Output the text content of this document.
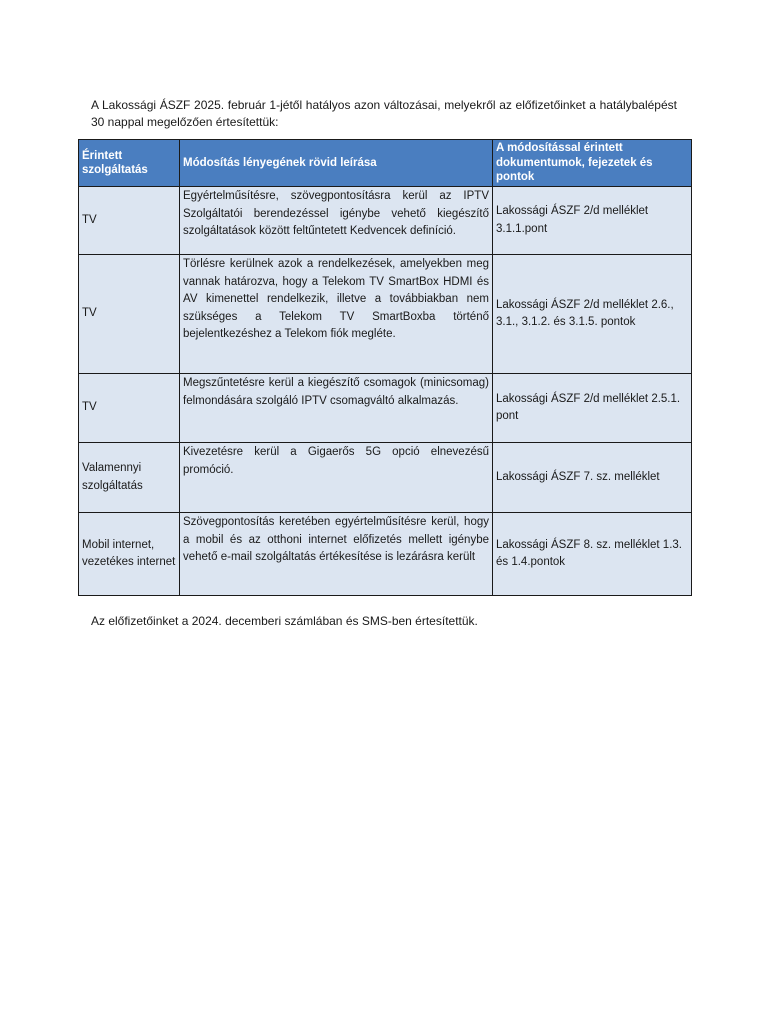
A Lakossági ÁSZF 2025. február 1-jétől hatályos azon változásai, melyekről az előfizetőinket a hatálybalépést 30 nappal megelőzően értesítettük:

Érintett szolgáltatás	Módosítás lényegének rövid leírása	A módosítással érintett dokumentumok, fejezetek és pontok
TV	Egyértelműsítésre, szövegpontosításra kerül az IPTV Szolgáltatói berendezéssel igénybe vehető kiegészítő szolgáltatások között feltűntetett Kedvencek definíció.	Lakossági ÁSZF 2/d melléklet 3.1.1.pont
TV	Törlésre kerülnek azok a rendelkezések, amelyekben meg vannak határozva, hogy a Telekom TV SmartBox HDMI és AV kimenettel rendelkezik, illetve a továbbiakban nem szükséges a Telekom TV SmartBoxba történő bejelentkezéshez a Telekom fiók megléte.	Lakossági ÁSZF 2/d melléklet 2.6., 3.1., 3.1.2. és 3.1.5. pontok
TV	Megszűntetésre kerül a kiegészítő csomagok (minicsomag) felmondására szolgáló IPTV csomagváltó alkalmazás.	Lakossági ÁSZF 2/d melléklet 2.5.1. pont
Valamennyi szolgáltatás	Kivezetésre kerül a Gigaerős 5G opció elnevezésű promóció.	Lakossági ÁSZF 7. sz. melléklet
Mobil internet, vezetékes internet	Szövegpontosítás keretében egyértelműsítésre kerül, hogy a mobil és az otthoni internet előfizetés mellett igénybe vehető e-mail szolgáltatás értékesítése is lezárásra került	Lakossági ÁSZF 8. sz. melléklet 1.3. és 1.4.pontok

Az előfizetőinket a 2024. decemberi számlában és SMS-ben értesítettük.
